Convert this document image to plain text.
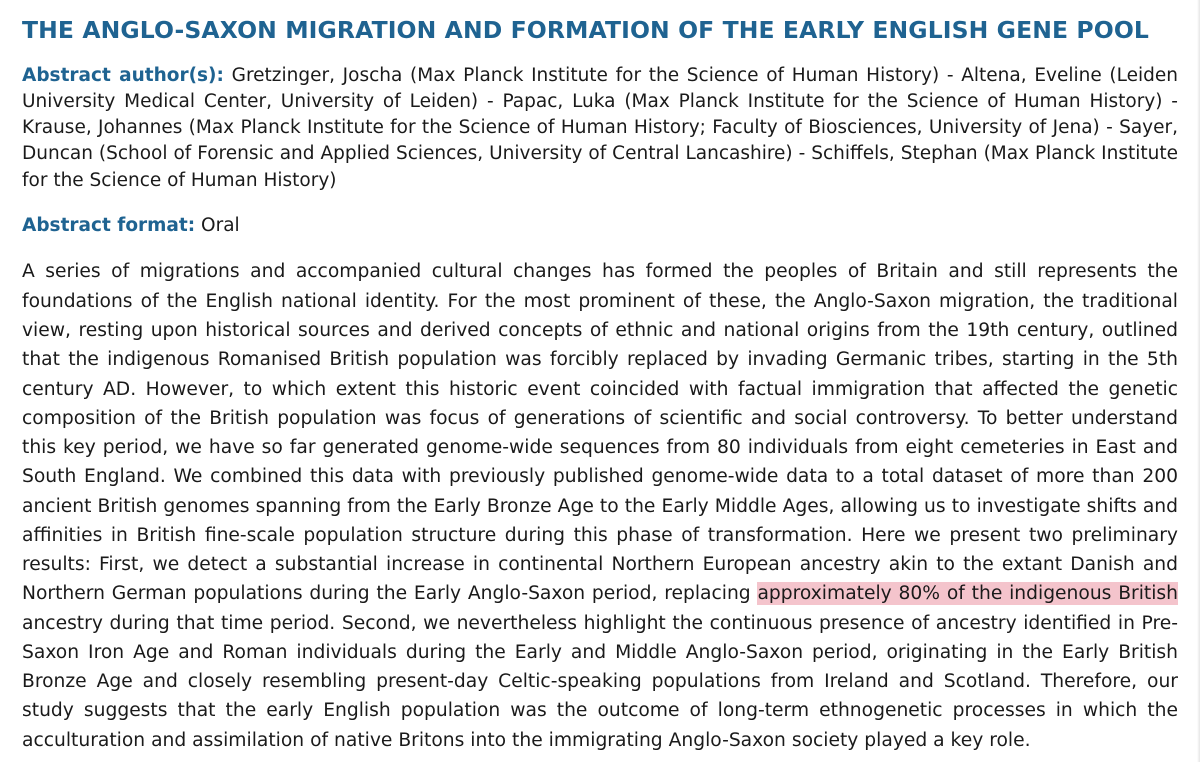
THE ANGLO-SAXON MIGRATION AND FORMATION OF THE EARLY ENGLISH GENE POOL

Abstract author(s): Gretzinger, Joscha (Max Planck Institute for the Science of Human History) - Altena, Eveline (Leiden University Medical Center, University of Leiden) - Papac, Luka (Max Planck Institute for the Science of Human History) - Krause, Johannes (Max Planck Institute for the Science of Human History; Faculty of Biosciences, University of Jena) - Sayer, Duncan (School of Forensic and Applied Sciences, University of Central Lancashire) - Schiffels, Stephan (Max Planck Institute for the Science of Human History)

Abstract format: Oral

A series of migrations and accompanied cultural changes has formed the peoples of Britain and still represents the foundations of the English national identity. For the most prominent of these, the Anglo-Saxon migration, the traditional view, resting upon historical sources and derived concepts of ethnic and national origins from the 19th century, outlined that the indigenous Romanised British population was forcibly replaced by invading Germanic tribes, starting in the 5th century AD. However, to which extent this historic event coincided with factual immigration that affected the genetic composition of the British population was focus of generations of scientific and social controversy. To better understand this key period, we have so far generated genome-wide sequences from 80 individuals from eight cemeteries in East and South England. We combined this data with previously published genome-wide data to a total dataset of more than 200 ancient British genomes spanning from the Early Bronze Age to the Early Middle Ages, allowing us to investigate shifts and affinities in British fine-scale population structure during this phase of transformation. Here we present two preliminary results: First, we detect a substantial increase in continental Northern European ancestry akin to the extant Danish and Northern German populations during the Early Anglo-Saxon period, replacing approximately 80% of the indigenous British ancestry during that time period. Second, we nevertheless highlight the continuous presence of ancestry identified in Pre-Saxon Iron Age and Roman individuals during the Early and Middle Anglo-Saxon period, originating in the Early British Bronze Age and closely resembling present-day Celtic-speaking populations from Ireland and Scotland. Therefore, our study suggests that the early English population was the outcome of long-term ethnogenetic processes in which the acculturation and assimilation of native Britons into the immigrating Anglo-Saxon society played a key role.
